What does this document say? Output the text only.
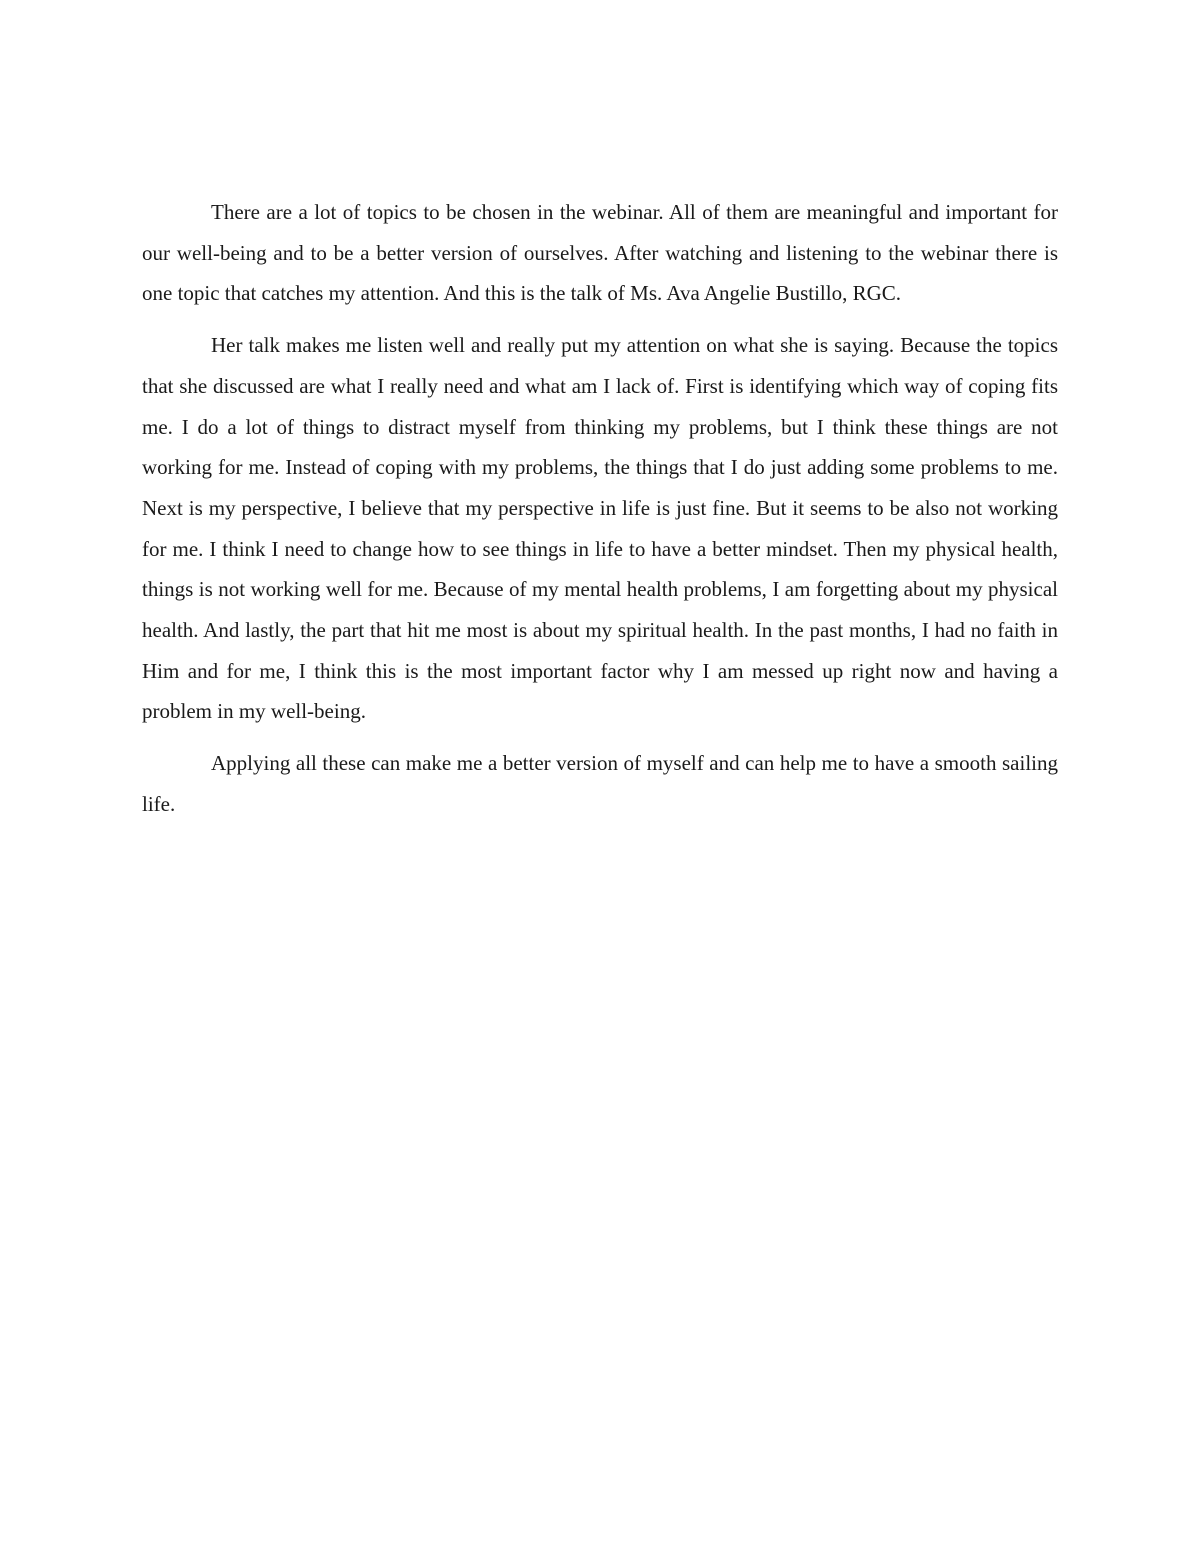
There are a lot of topics to be chosen in the webinar. All of them are meaningful and important for our well-being and to be a better version of ourselves. After watching and listening to the webinar there is one topic that catches my attention. And this is the talk of Ms. Ava Angelie Bustillo, RGC.

Her talk makes me listen well and really put my attention on what she is saying. Because the topics that she discussed are what I really need and what am I lack of. First is identifying which way of coping fits me. I do a lot of things to distract myself from thinking my problems, but I think these things are not working for me. Instead of coping with my problems, the things that I do just adding some problems to me. Next is my perspective, I believe that my perspective in life is just fine. But it seems to be also not working for me. I think I need to change how to see things in life to have a better mindset. Then my physical health, things is not working well for me. Because of my mental health problems, I am forgetting about my physical health. And lastly, the part that hit me most is about my spiritual health. In the past months, I had no faith in Him and for me, I think this is the most important factor why I am messed up right now and having a problem in my well-being.

Applying all these can make me a better version of myself and can help me to have a smooth sailing life.
